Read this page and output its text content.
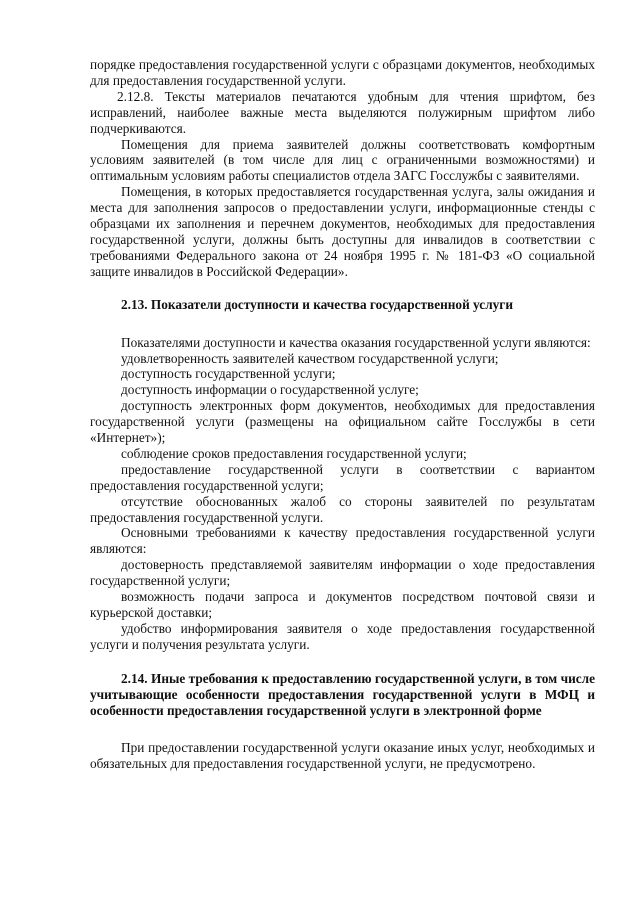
порядке предоставления государственной услуги с образцами документов, необходимых для предоставления государственной услуги.

2.12.8. Тексты материалов печатаются удобным для чтения шрифтом, без исправлений, наиболее важные места выделяются полужирным шрифтом либо подчеркиваются.

Помещения для приема заявителей должны соответствовать комфортным условиям заявителей (в том числе для лиц с ограниченными возможностями) и оптимальным условиям работы специалистов отдела ЗАГС Госслужбы с заявителями.

Помещения, в которых предоставляется государственная услуга, залы ожидания и места для заполнения запросов о предоставлении услуги, информационные стенды с образцами их заполнения и перечнем документов, необходимых для предоставления государственной услуги, должны быть доступны для инвалидов в соответствии с требованиями Федерального закона от 24 ноября 1995 г. № 181-ФЗ «О социальной защите инвалидов в Российской Федерации».

2.13. Показатели доступности и качества государственной услуги

Показателями доступности и качества оказания государственной услуги являются:

удовлетворенность заявителей качеством государственной услуги;

доступность государственной услуги;

доступность информации о государственной услуге;

доступность электронных форм документов, необходимых для предоставления государственной услуги (размещены на официальном сайте Госслужбы в сети «Интернет»);

соблюдение сроков предоставления государственной услуги;

предоставление государственной услуги в соответствии с вариантом предоставления государственной услуги;

отсутствие обоснованных жалоб со стороны заявителей по результатам предоставления государственной услуги.

Основными требованиями к качеству предоставления государственной услуги являются:

достоверность представляемой заявителям информации о ходе предоставления государственной услуги;

возможность подачи запроса и документов посредством почтовой связи и курьерской доставки;

удобство информирования заявителя о ходе предоставления государственной услуги и получения результата услуги.

2.14. Иные требования к предоставлению государственной услуги, в том числе учитывающие особенности предоставления государственной услуги в МФЦ и особенности предоставления государственной услуги в электронной форме

При предоставлении государственной услуги оказание иных услуг, необходимых и обязательных для предоставления государственной услуги, не предусмотрено.
